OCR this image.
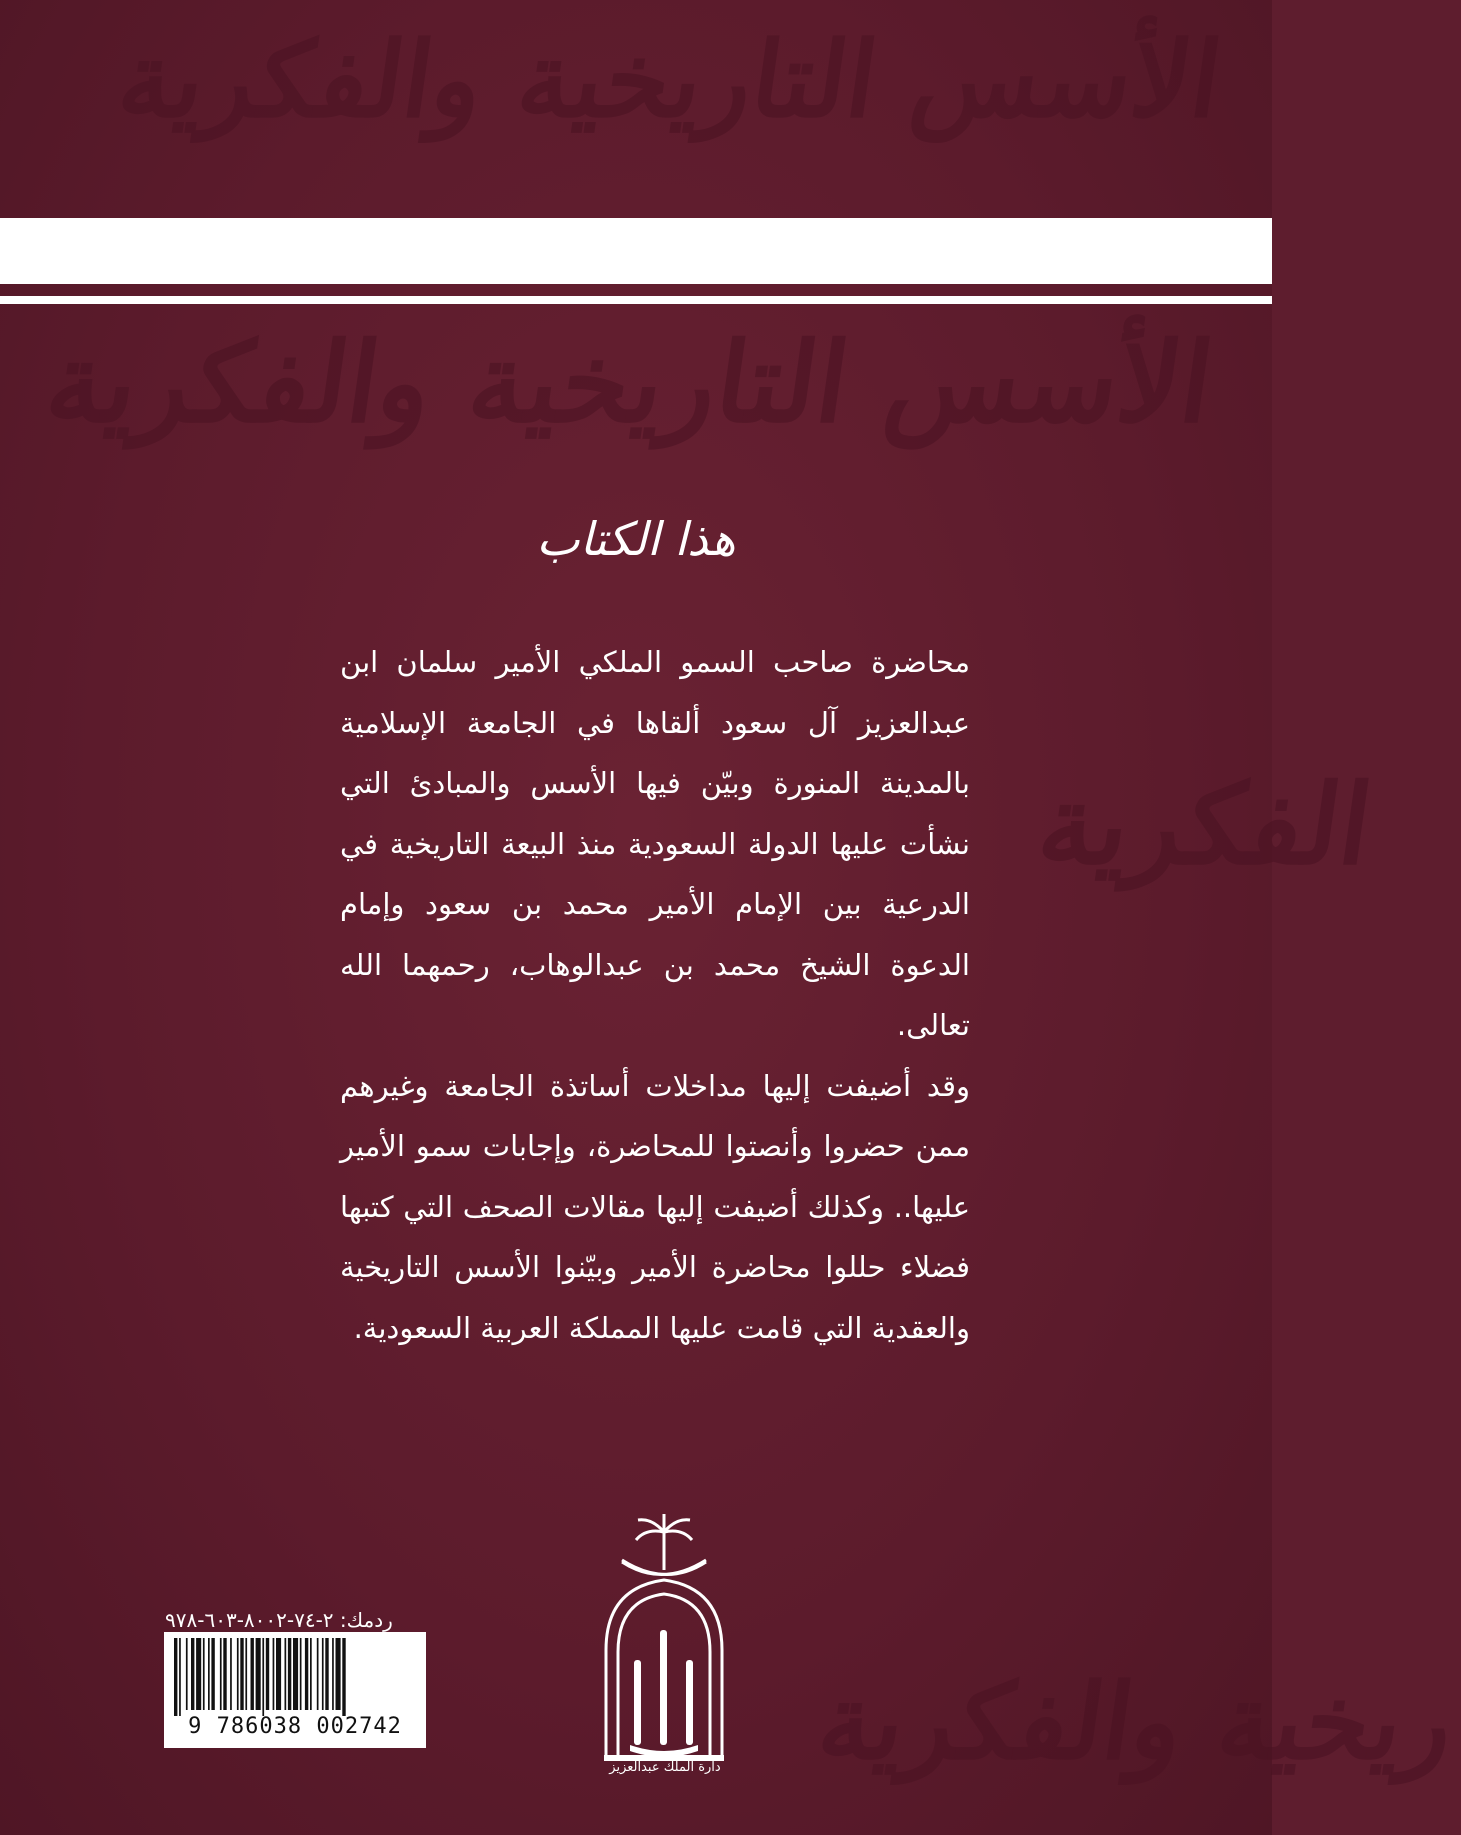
الأسس التاريخية والفكرية
الأسس التاريخية والفكرية
الفكرية
ريخية والفكرية
هذا الكتاب

محاضرة صاحب السمو الملكي الأمير سلمان ابن عبدالعزيز آل سعود ألقاها في الجامعة الإسلامية بالمدينة المنورة وبيّن فيها الأسس والمبادئ التي نشأت عليها الدولة السعودية منذ البيعة التاريخية في الدرعية بين الإمام الأمير محمد بن سعود وإمام الدعوة الشيخ محمد بن عبدالوهاب، رحمهما الله تعالى.

وقد أضيفت إليها مداخلات أساتذة الجامعة وغيرهم ممن حضروا وأنصتوا للمحاضرة، وإجابات سمو الأمير عليها.. وكذلك أضيفت إليها مقالات الصحف التي كتبها فضلاء حللوا محاضرة الأمير وبيّنوا الأسس التاريخية والعقدية التي قامت عليها المملكة العربية السعودية.

دارة الملك عبدالعزيز
ردمك: ٢-٧٤-٨٠٠٢-٦٠٣-٩٧٨
9 786038 002742
